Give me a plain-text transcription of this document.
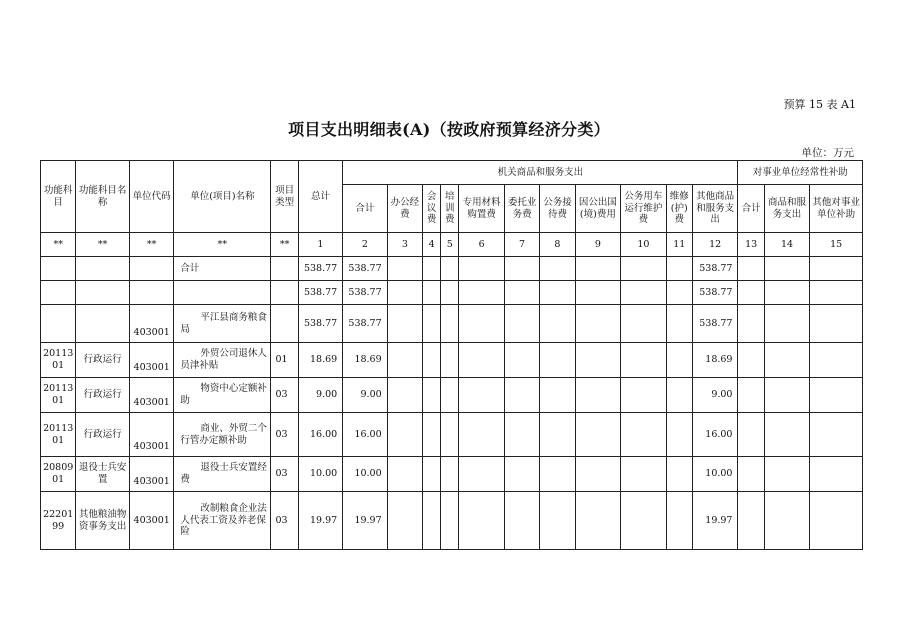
预算 15 表 A1
项目支出明细表(A)（按政府预算经济分类）
单位：万元
功能科目	功能科目名称	单位代码	单位(项目)名称	项目类型	总计	机关商品和服务支出											对事业单位经常性补助		
						合计	办公经费	会议费	培训费	专用材料购置费	委托业务费	公务接待费	因公出国(境)费用	公务用车运行维护费	维修(护)费	其他商品和服务支出	合计	商品和服务支出	其他对事业单位补助
**	**	**	**	**	1	2	3	4	5	6	7	8	9	10	11	12	13	14	15
			合计		538.77	538.77										538.77			
					538.77	538.77										538.77			
		403001	平江县商务粮食局		538.77	538.77										538.77			
2011301	行政运行	403001	外贸公司退休人员津补贴	01	18.69	18.69										18.69			
2011301	行政运行	403001	物资中心定额补助	03	9.00	9.00										9.00			
2011301	行政运行	403001	商业、外贸二个行管办定额补助	03	16.00	16.00										16.00			
2080901	退役士兵安置	403001	退役士兵安置经费	03	10.00	10.00										10.00			
2220199	其他粮油物资事务支出	403001	改制粮食企业法人代表工资及养老保险	03	19.97	19.97										19.97			
